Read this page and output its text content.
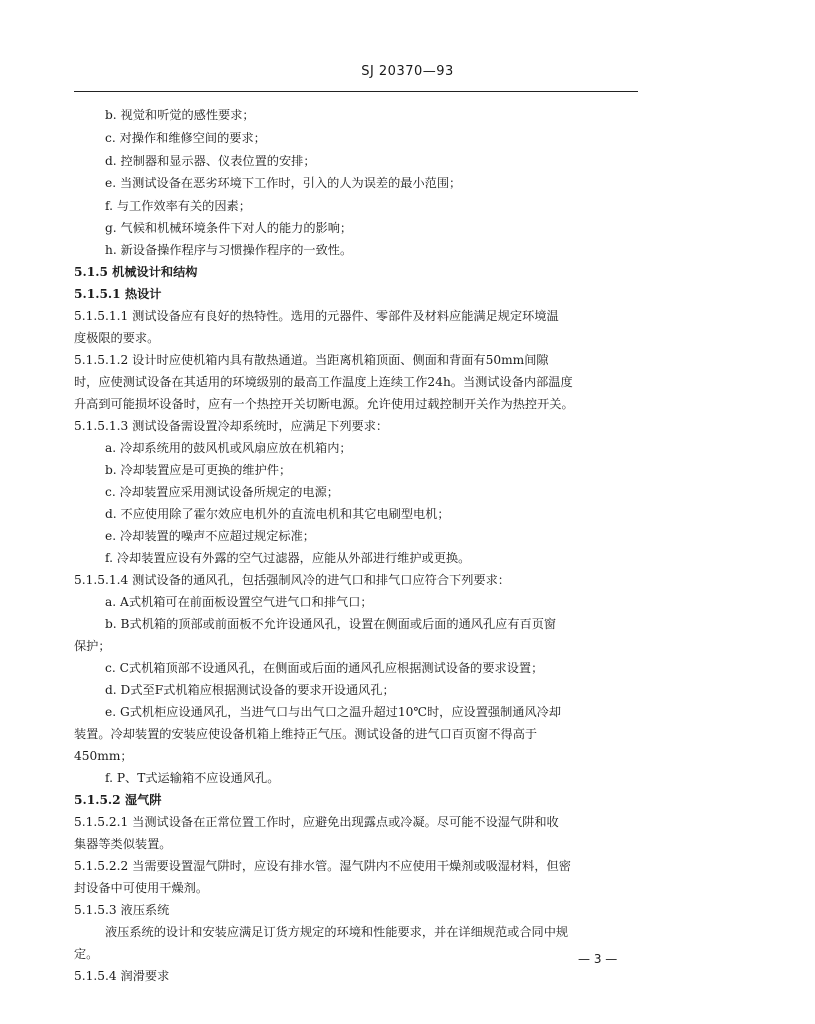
SJ 20370—93
b. 视觉和听觉的感性要求；
c. 对操作和维修空间的要求；
d. 控制器和显示器、仪表位置的安排；
e. 当测试设备在恶劣环境下工作时，引入的人为误差的最小范围；
f. 与工作效率有关的因素；
g. 气候和机械环境条件下对人的能力的影响；
h. 新设备操作程序与习惯操作程序的一致性。
5.1.5 机械设计和结构
5.1.5.1 热设计
5.1.5.1.1 测试设备应有良好的热特性。选用的元器件、零部件及材料应能满足规定环境温
度极限的要求。
5.1.5.1.2 设计时应使机箱内具有散热通道。当距离机箱顶面、侧面和背面有50mm间隙
时，应使测试设备在其适用的环境级别的最高工作温度上连续工作24h。当测试设备内部温度
升高到可能损坏设备时，应有一个热控开关切断电源。允许使用过载控制开关作为热控开关。
5.1.5.1.3 测试设备需设置冷却系统时，应满足下列要求：
a. 冷却系统用的鼓风机或风扇应放在机箱内；
b. 冷却装置应是可更换的维护件；
c. 冷却装置应采用测试设备所规定的电源；
d. 不应使用除了霍尔效应电机外的直流电机和其它电刷型电机；
e. 冷却装置的噪声不应超过规定标准；
f. 冷却装置应设有外露的空气过滤器，应能从外部进行维护或更换。
5.1.5.1.4 测试设备的通风孔，包括强制风冷的进气口和排气口应符合下列要求：
a. A式机箱可在前面板设置空气进气口和排气口；
b. B式机箱的顶部或前面板不允许设通风孔，设置在侧面或后面的通风孔应有百页窗
保护；
c. C式机箱顶部不设通风孔，在侧面或后面的通风孔应根据测试设备的要求设置；
d. D式至F式机箱应根据测试设备的要求开设通风孔；
e. G式机柜应设通风孔，当进气口与出气口之温升超过10℃时，应设置强制通风冷却
装置。冷却装置的安装应使设备机箱上维持正气压。测试设备的进气口百页窗不得高于
450mm；
f. P、T式运输箱不应设通风孔。
5.1.5.2 湿气阱
5.1.5.2.1 当测试设备在正常位置工作时，应避免出现露点或冷凝。尽可能不设湿气阱和收
集器等类似装置。
5.1.5.2.2 当需要设置湿气阱时，应设有排水管。湿气阱内不应使用干燥剂或吸湿材料，但密
封设备中可使用干燥剂。
5.1.5.3 液压系统
液压系统的设计和安装应满足订货方规定的环境和性能要求，并在详细规范或合同中规
定。
5.1.5.4 润滑要求
— 3 —
